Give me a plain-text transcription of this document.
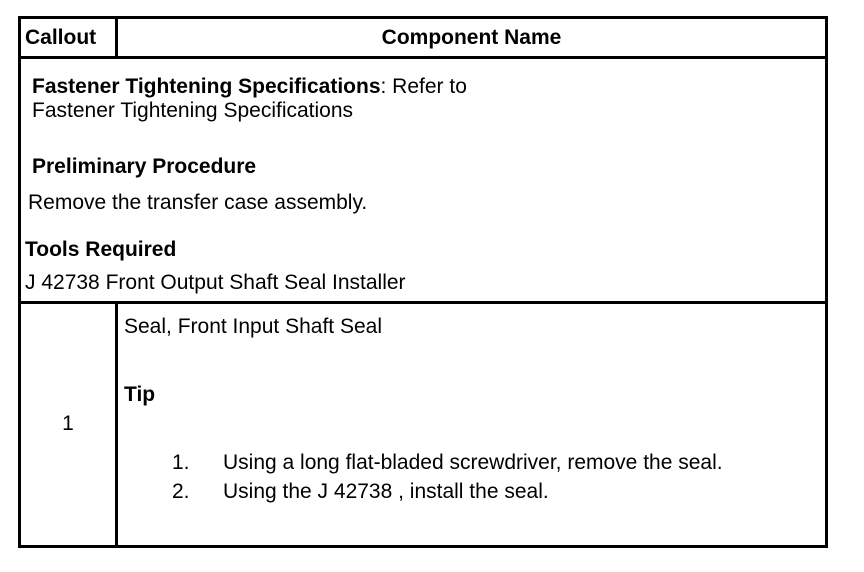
Callout	Component Name
Fastener Tightening Specifications: Refer to
Fastener Tightening Specifications
Preliminary Procedure
Remove the transfer case assembly.
Tools Required
J 42738 Front Output Shaft Seal Installer
1
Seal, Front Input Shaft Seal
Tip
1. Using a long flat-bladed screwdriver, remove the seal.
2. Using the J 42738 , install the seal.
